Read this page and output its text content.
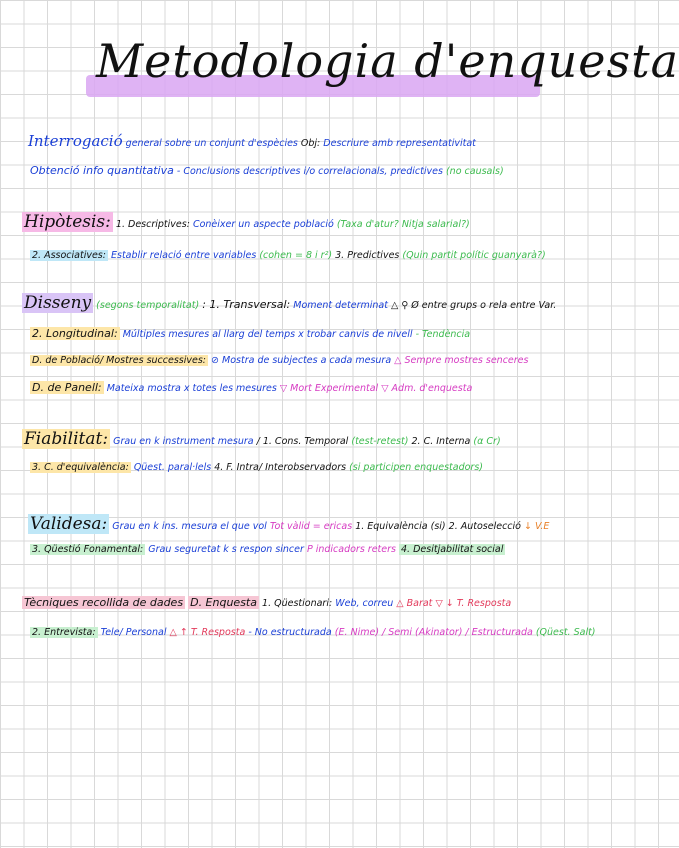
Metodologia d'enquesta
Interrogació general sobre un conjunt d'espècies Obj: Descriure amb representativitat
Obtenció info quantitativa - Conclusions descriptives i/o correlacionals, predictives (no causals)
Hipòtesis: 1. Descriptives: Conèixer un aspecte població (Taxa d'atur? Nitja salarial?)
2. Associatives: Establir relació entre variables (cohen = 8 i r²) 3. Predictives (Quin partit polític guanyarà?)
Disseny (segons temporalitat) : 1. Transversal: Moment determinat △ ⚲ Ø entre grups o rela entre Var.
2. Longitudinal: Múltiples mesures al llarg del temps x trobar canvis de nivell - Tendència
D. de Població/ Mostres successives: ⊘ Mostra de subjectes a cada mesura △ Sempre mostres senceres
D. de Panell: Mateixa mostra x totes les mesures ▽ Mort Experimental ▽ Adm. d'enquesta
Fiabilitat: Grau en k instrument mesura / 1. Cons. Temporal (test-retest) 2. C. Interna (α Cr)
3. C. d'equivalència: Qüest. paral·lels 4. F. Intra/ Interobservadors (si participen enquestadors)
Validesa: Grau en k ins. mesura el que vol Tot vàlid = ericas 1. Equivalència (si) 2. Autoselecció ↓ V.E
3. Qüestió Fonamental: Grau seguretat k s respon sincer P indicadors reters 4. Desitjabilitat social
Tècniques recollida de dades D. Enquesta 1. Qüestionari: Web, correu △ Barat ▽ ↓ T. Resposta
2. Entrevista: Tele/ Personal △ ↑ T. Resposta - No estructurada (E. Nime) / Semi (Akinator) / Estructurada (Qüest. Salt)
